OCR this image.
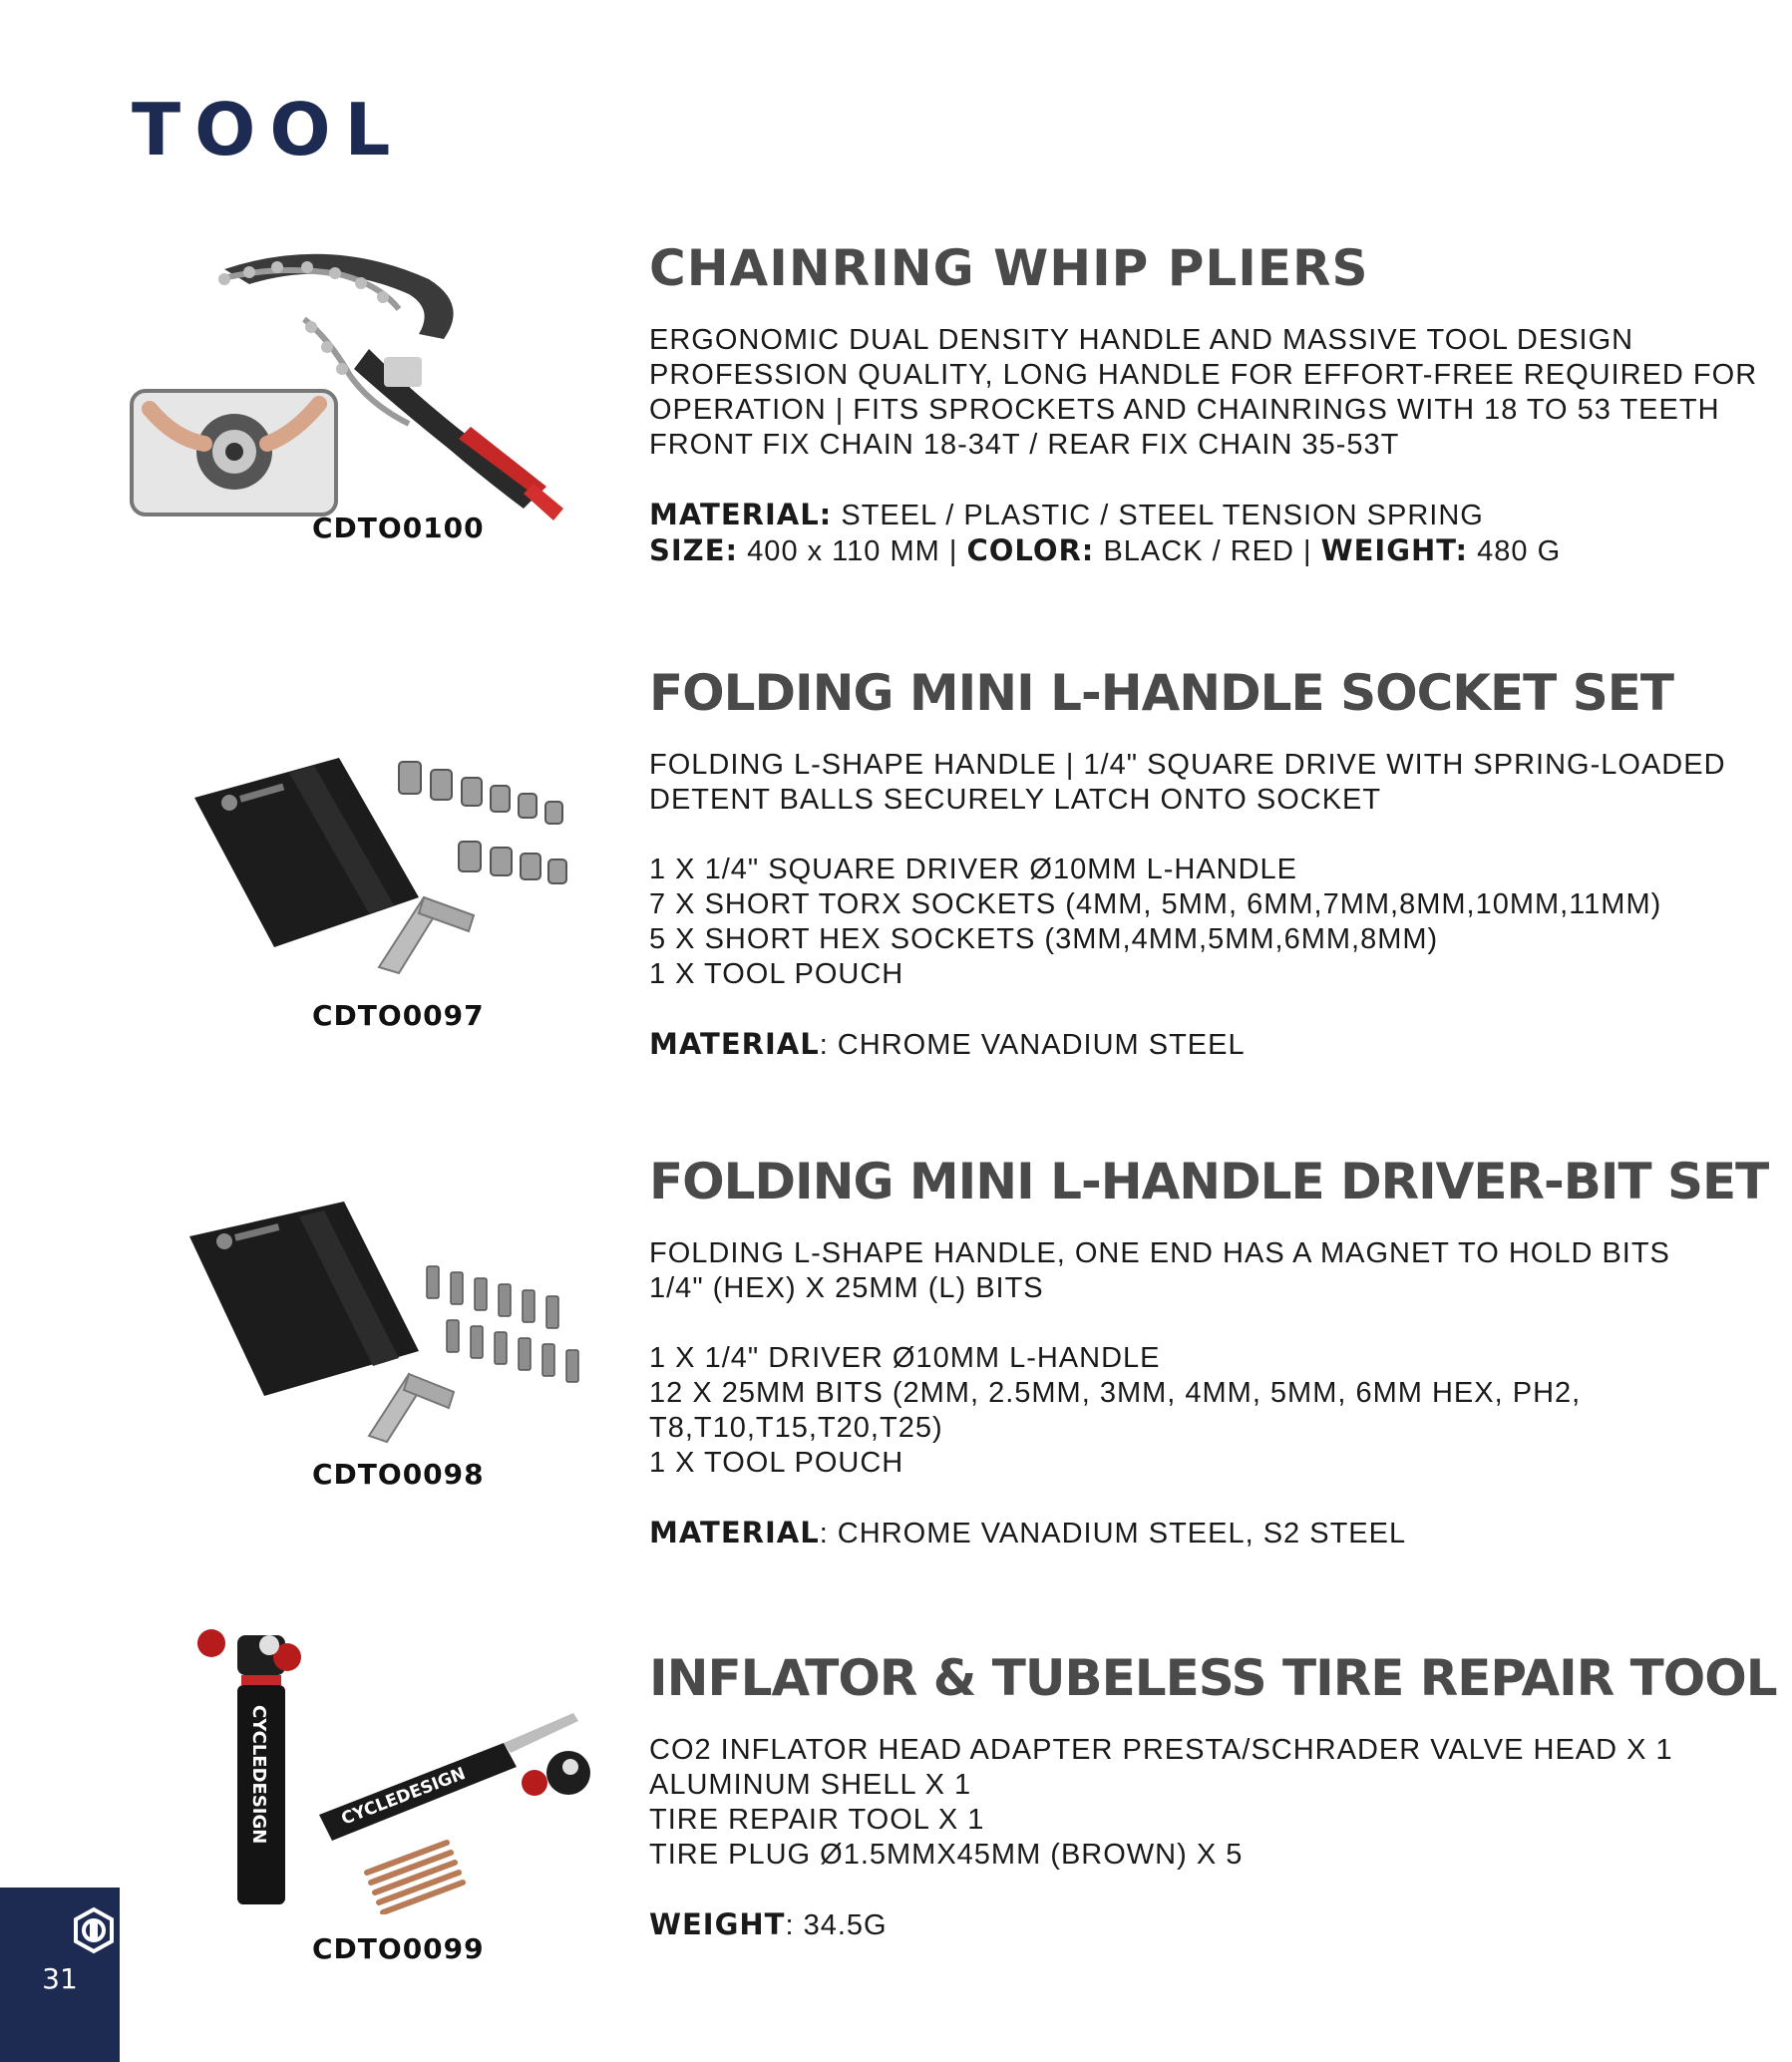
TOOL

CDTO0100

CHAINRING WHIP PLIERS
ERGONOMIC DUAL DENSITY HANDLE AND MASSIVE TOOL DESIGN
PROFESSION QUALITY, LONG HANDLE FOR EFFORT-FREE REQUIRED FOR
OPERATION | FITS SPROCKETS AND CHAINRINGS WITH 18 TO 53 TEETH
FRONT FIX CHAIN 18-34T / REAR FIX CHAIN 35-53T

MATERIAL: STEEL / PLASTIC / STEEL TENSION SPRING

SIZE: 400 x 110 MM | COLOR: BLACK / RED | WEIGHT: 480 G

CDTO0097

FOLDING MINI L-HANDLE SOCKET SET
FOLDING L-SHAPE HANDLE | 1/4" SQUARE DRIVE WITH SPRING-LOADED
DETENT BALLS SECURELY LATCH ONTO SOCKET
1 X 1/4" SQUARE DRIVER Ø10MM L-HANDLE
7 X SHORT TORX SOCKETS (4MM, 5MM, 6MM,7MM,8MM,10MM,11MM)
5 X SHORT HEX SOCKETS (3MM,4MM,5MM,6MM,8MM)
1 X TOOL POUCH

MATERIAL: CHROME VANADIUM STEEL

CDTO0098

FOLDING MINI L-HANDLE DRIVER-BIT SET
FOLDING L-SHAPE HANDLE, ONE END HAS A MAGNET TO HOLD BITS
1/4" (HEX) X 25MM (L) BITS
1 X 1/4" DRIVER Ø10MM L-HANDLE
12 X 25MM BITS (2MM, 2.5MM, 3MM, 4MM, 5MM, 6MM HEX, PH2,
T8,T10,T15,T20,T25)
1 X TOOL POUCH

MATERIAL: CHROME VANADIUM STEEL, S2 STEEL

CYCLEDESIGN	CYCLEDESIGN

CDTO0099

INFLATOR & TUBELESS TIRE REPAIR TOOL
CO2 INFLATOR HEAD ADAPTER PRESTA/SCHRADER VALVE HEAD X 1
ALUMINUM SHELL X 1
TIRE REPAIR TOOL X 1
TIRE PLUG Ø1.5MMX45MM (BROWN) X 5

WEIGHT: 34.5G

31
